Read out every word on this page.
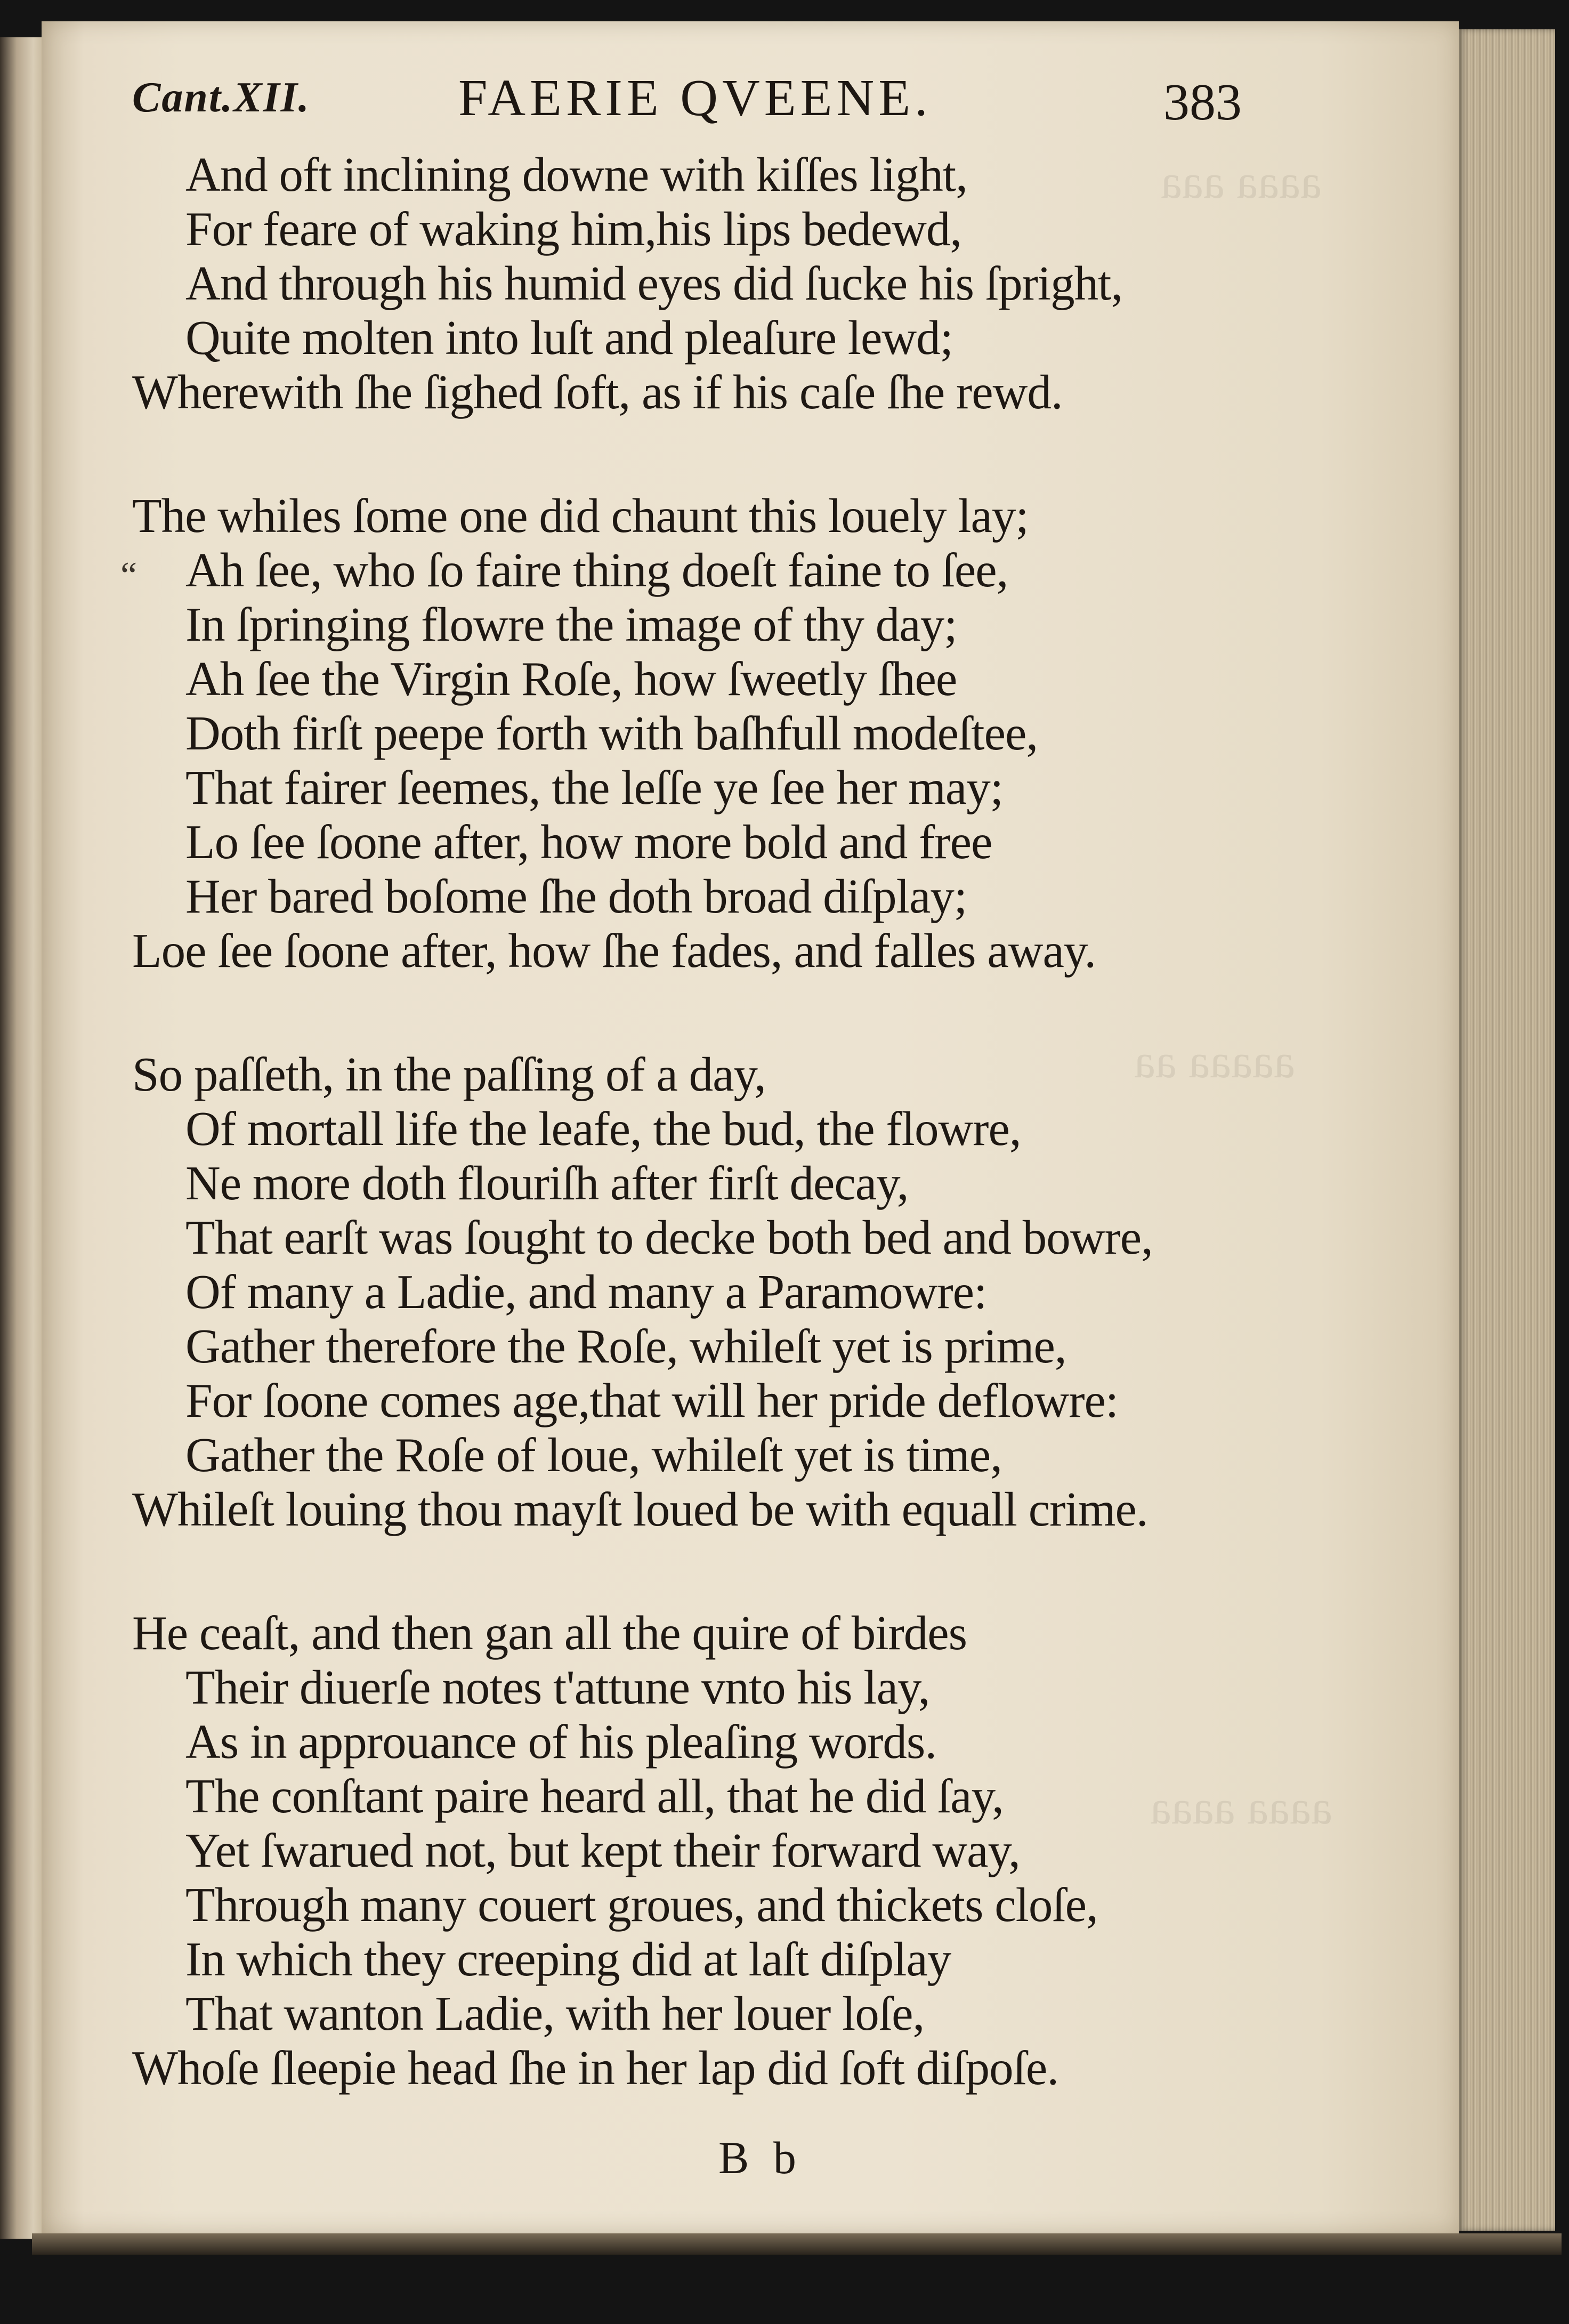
aaaa aaa
aaaaa aa
aaaa aaaa
Cant.XII.	FAERIE QVEENE.	383
And oft inclining downe with kiſſes light,
For feare of waking him,his lips bedewd,
And through his humid eyes did ſucke his ſpright,
Quite molten into luſt and pleaſure lewd;
Wherewith ſhe ſighed ſoft, as if his caſe ſhe rewd.
The whiles ſome one did chaunt this louely lay;
Ah ſee, who ſo faire thing doeſt faine to ſee,
In ſpringing flowre the image of thy day;
Ah ſee the Virgin Roſe, how ſweetly ſhee
Doth firſt peepe forth with baſhfull modeſtee,
That fairer ſeemes, the leſſe ye ſee her may;
Lo ſee ſoone after, how more bold and free
Her bared boſome ſhe doth broad diſplay;
Loe ſee ſoone after, how ſhe fades, and falles away.
So paſſeth, in the paſſing of a day,
Of mortall life the leafe, the bud, the flowre,
Ne more doth flouriſh after firſt decay,
That earſt was ſought to decke both bed and bowre,
Of many a Ladie, and many a Paramowre:
Gather therefore the Roſe, whileſt yet is prime,
For ſoone comes age,that will her pride deflowre:
Gather the Roſe of loue, whileſt yet is time,
Whileſt louing thou mayſt loued be with equall crime.
He ceaſt, and then gan all the quire of birdes
Their diuerſe notes t'attune vnto his lay,
As in approuance of his pleaſing words.
The conſtant paire heard all, that he did ſay,
Yet ſwarued not, but kept their forward way,
Through many couert groues, and thickets cloſe,
In which they creeping did at laſt diſplay
That wanton Ladie, with her louer loſe,
Whoſe ſleepie head ſhe in her lap did ſoft diſpoſe.
“
B b
